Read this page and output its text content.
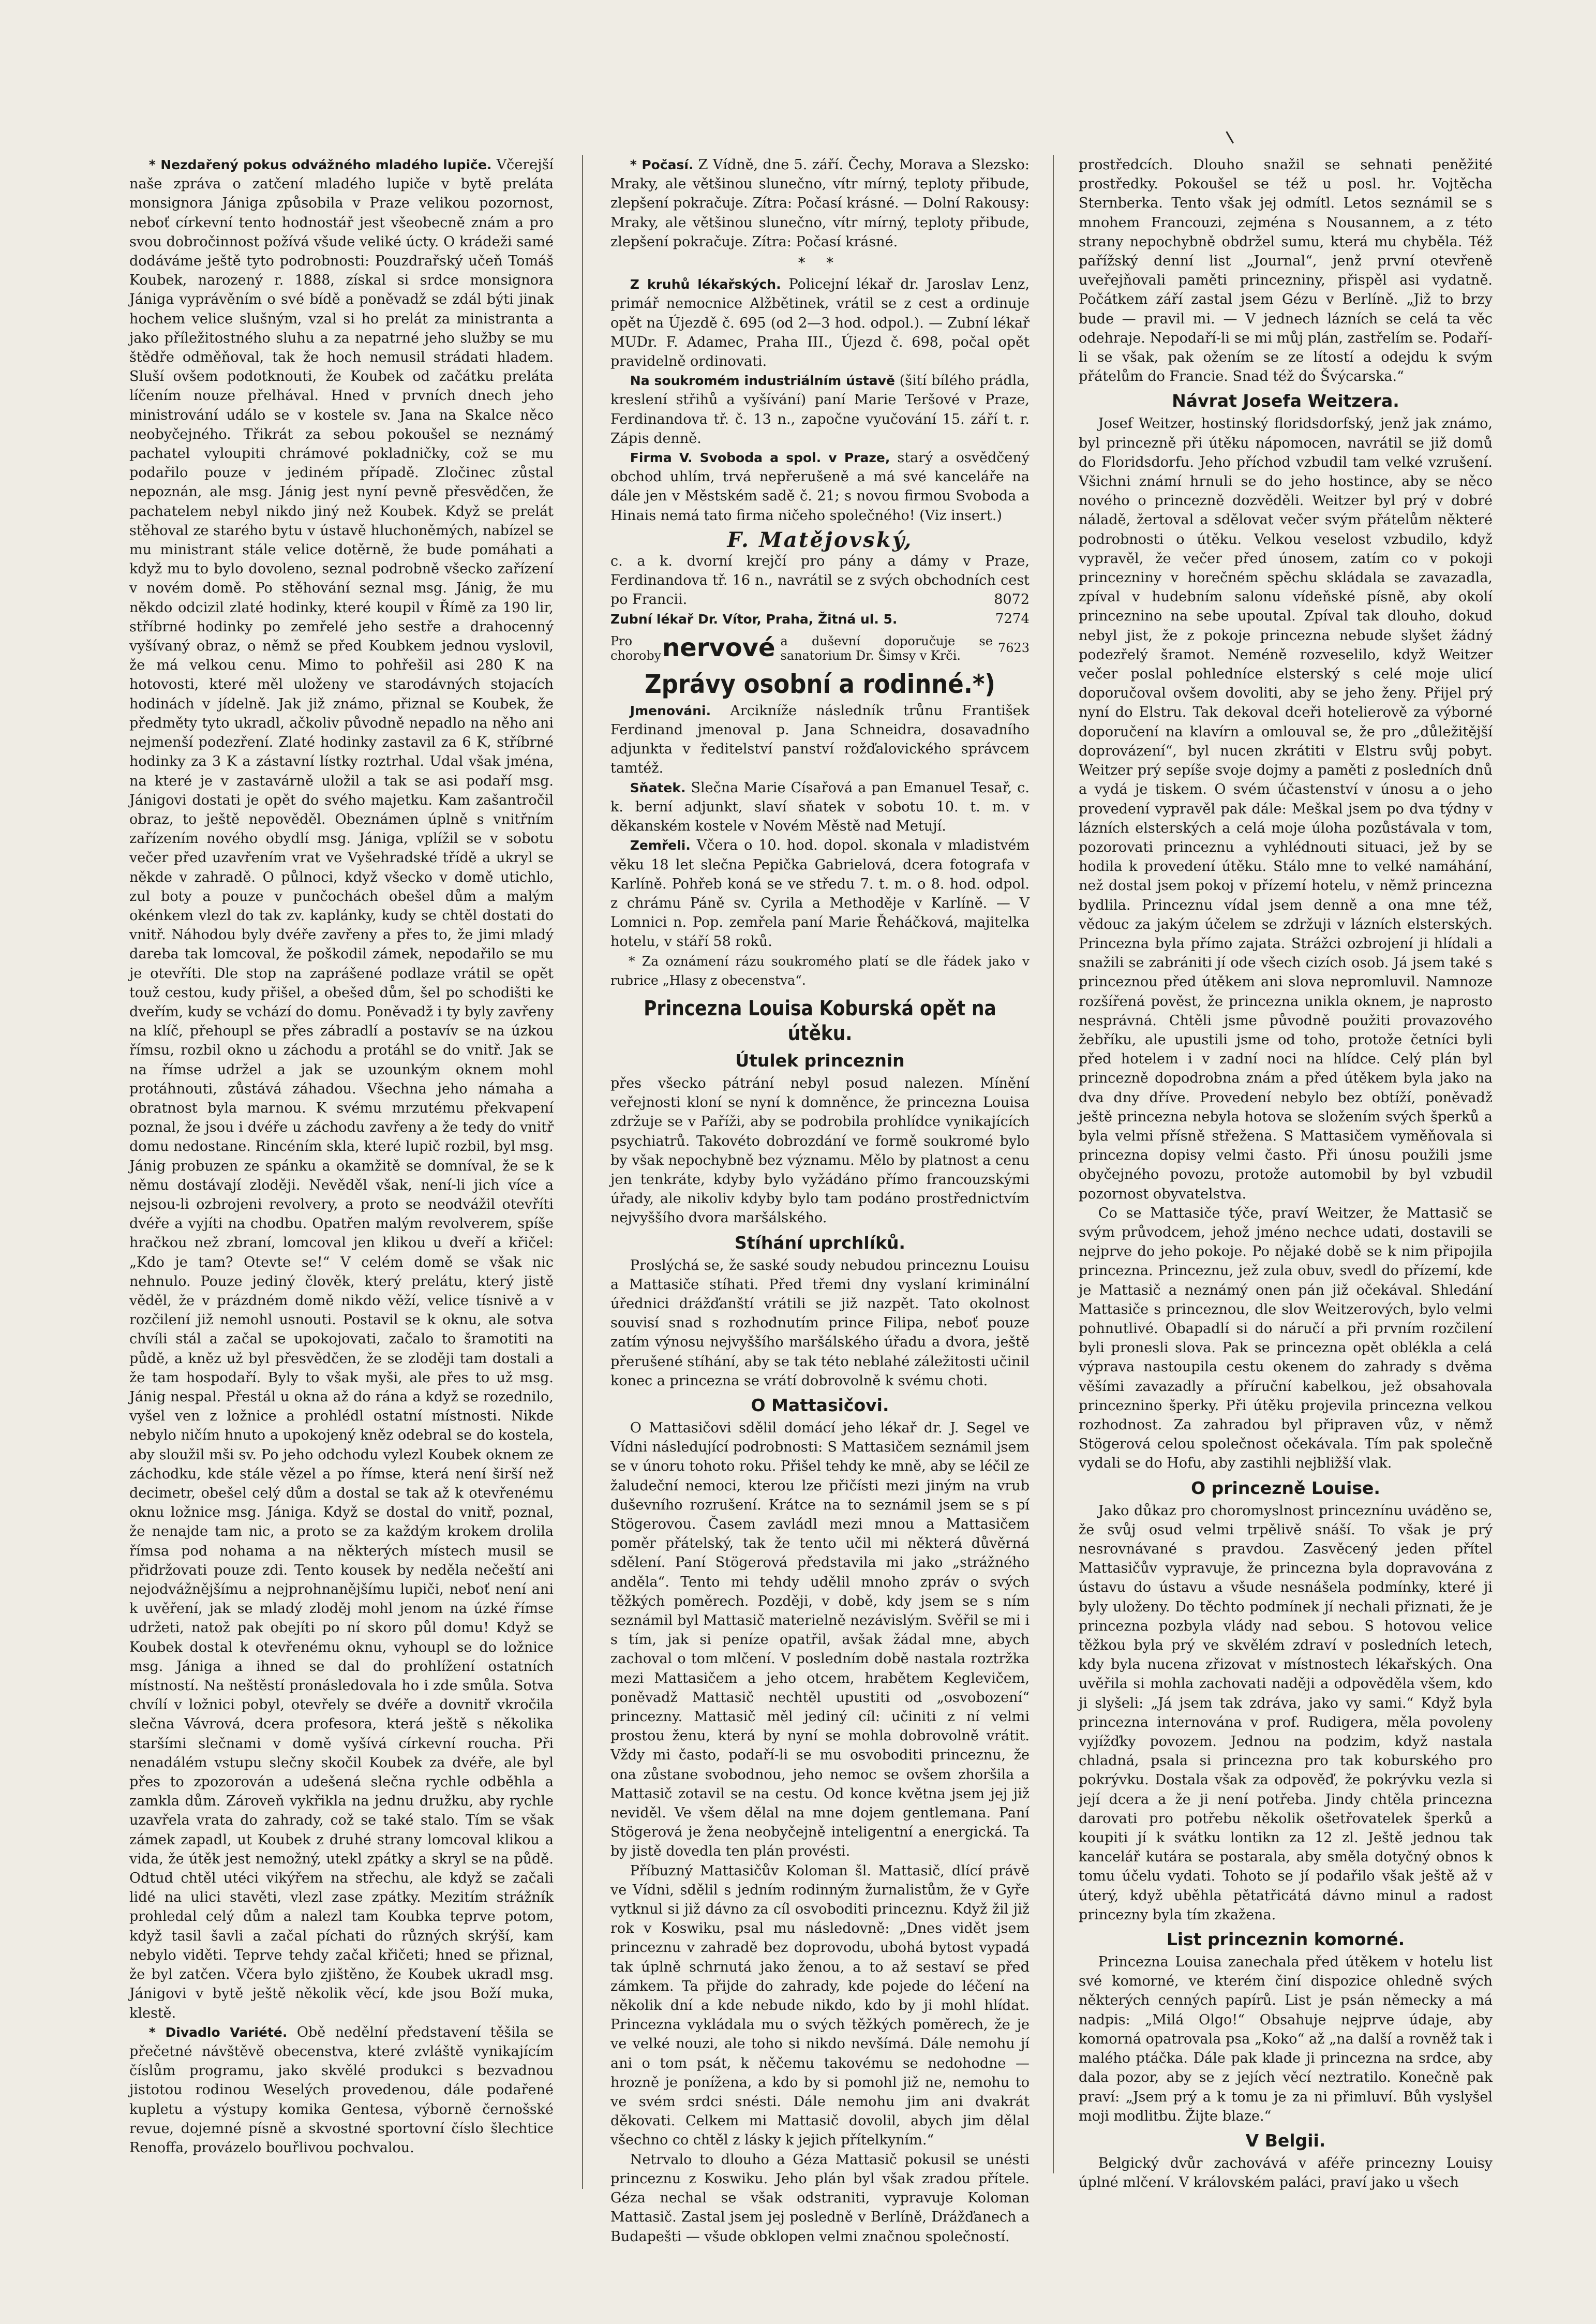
* Nezdařený pokus odvážného mladého lupiče. Včerejší naše zpráva o zatčení mladého lupiče v bytě preláta monsignora Jániga způsobila v Praze velikou pozornost, neboť církevní tento hodnostář jest všeobecně znám a pro svou dobročinnost požívá všude veliké úcty. O krádeži samé dodáváme ještě tyto podrobnosti: Pouzdrařský učeň Tomáš Koubek, narozený r. 1888, získal si srdce monsignora Jániga vyprávěním o své bídě a poněvadž se zdál býti jinak hochem velice slušným, vzal si ho prelát za ministranta a jako příležitostného sluhu a za nepatrné jeho služby se mu štědře odměňoval, tak že hoch nemusil strádati hladem. Sluší ovšem podotknouti, že Koubek od začátku preláta líčením nouze přelhával. Hned v prvních dnech jeho ministrování událo se v kostele sv. Jana na Skalce něco neobyčejného. Třikrát za sebou pokoušel se neznámý pachatel vyloupiti chrámové pokladničky, což se mu podařilo pouze v jediném případě. Zločinec zůstal nepoznán, ale msg. Jánig jest nyní pevně přesvědčen, že pachatelem nebyl nikdo jiný než Koubek. Když se prelát stěhoval ze starého bytu v ústavě hluchoněmých, nabízel se mu ministrant stále velice dotěrně, že bude pomáhati a když mu to bylo dovoleno, seznal podrobně všecko zařízení v novém domě. Po stěhování seznal msg. Jánig, že mu někdo odcizil zlaté hodinky, které koupil v Římě za 190 lir, stříbrné hodinky po zemřelé jeho sestře a drahocenný vyšívaný obraz, o němž se před Koubkem jednou vyslovil, že má velkou cenu. Mimo to pohřešil asi 280 K na hotovosti, které měl uloženy ve starodávných stojacích hodinách v jídelně. Jak již známo, přiznal se Koubek, že předměty tyto ukradl, ačkoliv původně nepadlo na něho ani nejmenší podezření. Zlaté hodinky zastavil za 6 K, stříbrné hodinky za 3 K a zástavní lístky roztrhal. Udal však jména, na které je v zastavárně uložil a tak se asi podaří msg. Jánigovi dostati je opět do svého majetku. Kam zašantročil obraz, to ještě nepověděl. Obeznámen úplně s vnitřním zařízením nového obydlí msg. Jániga, vplížil se v sobotu večer před uzavřením vrat ve Vyšehradské třídě a ukryl se někde v zahradě. O půlnoci, když všecko v domě utichlo, zul boty a pouze v punčochách obešel dům a malým okénkem vlezl do tak zv. kaplánky, kudy se chtěl dostati do vnitř. Náhodou byly dvéře zavřeny a přes to, že jimi mladý dareba tak lomcoval, že poškodil zámek, nepodařilo se mu je otevříti. Dle stop na zaprášené podlaze vrátil se opět touž cestou, kudy přišel, a obešed dům, šel po schodišti ke dveřím, kudy se vchází do domu. Poněvadž i ty byly zavřeny na klíč, přehoupl se přes zábradlí a postavív se na úzkou římsu, rozbil okno u záchodu a protáhl se do vnitř. Jak se na římse udržel a jak se uzounkým oknem mohl protáhnouti, zůstává záhadou. Všechna jeho námaha a obratnost byla marnou. K svému mrzutému překvapení poznal, že jsou i dvéře u záchodu zavřeny a že tedy do vnitř domu nedostane. Rincéním skla, které lupič rozbil, byl msg. Jánig probuzen ze spánku a okamžitě se domníval, že se k němu dostávají zloději. Nevěděl však, není-li jich více a nejsou-li ozbrojeni revolvery, a proto se neodvážil otevříti dvéře a vyjíti na chodbu. Opatřen malým revolverem, spíše hračkou než zbraní, lomcoval jen klikou u dveří a křičel: „Kdo je tam? Otevte se!“ V celém domě se však nic nehnulo. Pouze jediný člověk, který prelátu, který jistě věděl, že v prázdném domě nikdo věží, velice tísnivě a v rozčilení již nemohl usnouti. Postavil se k oknu, ale sotva chvíli stál a začal se upokojovati, začalo to šramotiti na půdě, a kněz už byl přesvědčen, že se zloději tam dostali a že tam hospodaří. Byly to však myši, ale přes to už msg. Jánig nespal. Přestál u okna až do rána a když se rozednilo, vyšel ven z ložnice a prohlédl ostatní místnosti. Nikde nebylo ničím hnuto a upokojený kněz odebral se do kostela, aby sloužil mši sv. Po jeho odchodu vylezl Koubek oknem ze záchodku, kde stále vězel a po římse, která není širší než decimetr, obešel celý dům a dostal se tak až k otevřenému oknu ložnice msg. Jániga. Když se dostal do vnitř, poznal, že nenajde tam nic, a proto se za každým krokem drolila římsa pod nohama a na některých místech musil se přidržovati pouze zdi. Tento kousek by neděla nečeští ani nejodvážnějšímu a nejprohnanějšímu lupiči, neboť není ani k uvěření, jak se mladý zloděj mohl jenom na úzké římse udržeti, natož pak obejíti po ní skoro půl domu! Když se Koubek dostal k otevřenému oknu, vyhoupl se do ložnice msg. Jániga a ihned se dal do prohlížení ostatních místností. Na neštěstí pronásledovala ho i zde smůla. Sotva chvílí v ložnici pobyl, otevřely se dvéře a dovnitř vkročila slečna Vávrová, dcera profesora, která ještě s několika staršími slečnami v domě vyšívá církevní roucha. Při nenadálém vstupu slečny skočil Koubek za dvéře, ale byl přes to zpozorován a udešená slečna rychle odběhla a zamkla dům. Zároveň vykřikla na jednu družku, aby rychle uzavřela vrata do zahrady, což se také stalo. Tím se však zámek zapadl, ut Koubek z druhé strany lomcoval klikou a vida, že útěk jest nemožný, utekl zpátky a skryl se na půdě. Odtud chtěl utéci vikýřem na střechu, ale když se začali lidé na ulici stavěti, vlezl zase zpátky. Mezitím strážník prohledal celý dům a nalezl tam Koubka teprve potom, když tasil šavli a začal píchati do různých skrýší, kam nebylo viděti. Teprve tehdy začal křičeti; hned se přiznal, že byl zatčen. Včera bylo zjištěno, že Koubek ukradl msg. Jánigovi v bytě ještě několik věcí, kde jsou Boží muka, klestě.

* Divadlo Variété. Obě nedělní představení těšila se přečetné návštěvě obecenstva, které zvláště vynikajícím číslům programu, jako skvělé produkci s bezvadnou jistotou rodinou Weselých provedenou, dále podařené kupletu a výstupy komika Gentesa, výborně černošské revue, dojemné písně a skvostné sportovní číslo šlechtice Renoffa, provázelo bouřlivou pochvalou.

* Počasí. Z Vídně, dne 5. září. Čechy, Morava a Slezsko: Mraky, ale většinou slunečno, vítr mírný, teploty přibude, zlepšení pokračuje. Zítra: Počasí krásné. — Dolní Rakousy: Mraky, ale většinou slunečno, vítr mírný, teploty přibude, zlepšení pokračuje. Zítra: Počasí krásné.

* *

Z kruhů lékařských. Policejní lékař dr. Jaroslav Lenz, primář nemocnice Alžbětinek, vrátil se z cest a ordinuje opět na Újezdě č. 695 (od 2—3 hod. odpol.). — Zubní lékař MUDr. F. Adamec, Praha III., Újezd č. 698, počal opět pravidelně ordinovati.

Na soukromém industriálním ústavě (šití bílého prádla, kreslení střihů a vyšívání) paní Marie Teršové v Praze, Ferdinandova tř. č. 13 n., započne vyučování 15. září t. r. Zápis denně.

Firma V. Svoboda a spol. v Praze, starý a osvědčený obchod uhlím, trvá nepřerušeně a má své kanceláře na dále jen v Městském sadě č. 21; s novou firmou Svoboda a Hinais nemá tato firma ničeho společného! (Viz insert.)

F. Matějovský,

c. a k. dvorní krejčí pro pány a dámy v Praze, Ferdinandova tř. 16 n., navrátil se z svých obchodních cest po Francii.	8072

Zubní lékař Dr. Vítor, Praha, Žitná ul. 5.	7274
Pro choroby nervové a duševní doporučuje se sanatorium Dr. Šimsy v Krči.
7623
Zprávy osobní a rodinné.*)

Jmenováni. Arcikníže následník trůnu František Ferdinand jmenoval p. Jana Schneidra, dosavadního adjunkta v ředitelství panství rožďalovického správcem tamtéž.

Sňatek. Slečna Marie Císařová a pan Emanuel Tesař, c. k. berní adjunkt, slaví sňatek v sobotu 10. t. m. v děkanském kostele v Novém Městě nad Metují.

Zemřeli. Včera o 10. hod. dopol. skonala v mladistvém věku 18 let slečna Pepička Gabrielová, dcera fotografa v Karlíně. Pohřeb koná se ve středu 7. t. m. o 8. hod. odpol. z chrámu Páně sv. Cyrila a Methoděje v Karlíně. — V Lomnici n. Pop. zemřela paní Marie Řeháčková, majitelka hotelu, v stáří 58 roků.

* Za oznámení rázu soukromého platí se dle řádek jako v rubrice „Hlasy z obecenstva“.

Princezna Louisa Koburská opět na útěku.
Útulek princeznin

přes všecko pátrání nebyl posud nalezen. Mínění veřejnosti kloní se nyní k domněnce, že princezna Louisa zdržuje se v Paříži, aby se podrobila prohlídce vynikajících psychiatrů. Takovéto dobrozdání ve formě soukromé bylo by však nepochybně bez významu. Mělo by platnost a cenu jen tenkráte, kdyby bylo vyžádáno přímo francouzskými úřady, ale nikoliv kdyby bylo tam podáno prostřednictvím nejvyššího dvora maršálského.

Stíhání uprchlíků.

Proslýchá se, že saské soudy nebudou princeznu Louisu a Mattasiče stíhati. Před třemi dny vyslaní kriminální úřednici drážďanští vrátili se již nazpět. Tato okolnost souvisí snad s rozhodnutím prince Filipa, neboť pouze zatím výnosu nejvyššího maršálského úřadu a dvora, ještě přerušené stíhání, aby se tak této neblahé záležitosti učinil konec a princezna se vrátí dobrovolně k svému choti.

O Mattasičovi.

O Mattasičovi sdělil domácí jeho lékař dr. J. Segel ve Vídni následující podrobnosti: S Mattasičem seznámil jsem se v únoru tohoto roku. Přišel tehdy ke mně, aby se léčil ze žaludeční nemoci, kterou lze přičísti mezi jiným na vrub duševního rozrušení. Krátce na to seznámil jsem se s pí Stögerovou. Časem zavládl mezi mnou a Mattasičem poměr přátelský, tak že tento učil mi některá důvěrná sdělení. Paní Stögerová představila mi jako „strážného anděla“. Tento mi tehdy udělil mnoho zpráv o svých těžkých poměrech. Později, v době, kdy jsem se s ním seznámil byl Mattasič materielně nezávislým. Svěřil se mi i s tím, jak si peníze opatřil, avšak žádal mne, abych zachoval o tom mlčení. V posledním době nastala roztržka mezi Mattasičem a jeho otcem, hrabětem Keglevičem, poněvadž Mattasič nechtěl upustiti od „osvobození“ princezny. Mattasič měl jediný cíl: učiniti z ní velmi prostou ženu, která by nyní se mohla dobrovolně vrátit. Vždy mi často, podaří-li se mu osvoboditi princeznu, že ona zůstane svobodnou, jeho nemoc se ovšem zhoršila a Mattasič zotavil se na cestu. Od konce května jsem jej již neviděl. Ve všem dělal na mne dojem gentlemana. Paní Stögerová je žena neobyčejně inteligentní a energická. Ta by jistě dovedla ten plán provésti.

Příbuzný Mattasičův Koloman šl. Mattasič, dlící právě ve Vídni, sdělil s jedním rodinným žurnalistům, že v Gyře vytknul si již dávno za cíl osvoboditi princeznu. Když žil již rok v Koswiku, psal mu následovně: „Dnes vidět jsem princeznu v zahradě bez doprovodu, ubohá bytost vypadá tak úplně schrnutá jako ženou, a to až sestaví se před zámkem. Ta přijde do zahrady, kde pojede do léčení na několik dní a kde nebude nikdo, kdo by ji mohl hlídat. Princezna vykládala mu o svých těžkých poměrech, že je ve velké nouzi, ale toho si nikdo nevšímá. Dále nemohu jí ani o tom psát, k něčemu takovému se nedohodne — hrozně je ponížena, a kdo by si pomohl již ne, nemohu to ve svém srdci snésti. Dále nemohu jim ani dvakrát děkovati. Celkem mi Mattasič dovolil, abych jim dělal všechno co chtěl z lásky k jejich přítelkyním.“

Netrvalo to dlouho a Géza Mattasič pokusil se unésti princeznu z Koswiku. Jeho plán byl však zradou přítele. Géza nechal se však odstraniti, vypravuje Koloman Mattasič. Zastal jsem jej posledně v Berlíně, Drážďanech a Budapešti — všude obklopen velmi značnou společností.

prostředcích. Dlouho snažil se sehnati peněžité prostředky. Pokoušel se též u posl. hr. Vojtěcha Sternberka. Tento však jej odmítl. Letos seznámil se s mnohem Francouzi, zejména s Nousannem, a z této strany nepochybně obdržel sumu, která mu chyběla. Též pařížský denní list „Journal“, jenž první otevřeně uveřejňovali paměti princezniny, přispěl asi vydatně. Počátkem září zastal jsem Gézu v Berlíně. „Již to brzy bude — pravil mi. — V jednech lázních se celá ta věc odehraje. Nepodaří-li se mi můj plán, zastřelím se. Podaří-li se však, pak ožením se ze lítostí a odejdu k svým přátelům do Francie. Snad též do Švýcarska.“

Návrat Josefa Weitzera.

Josef Weitzer, hostinský floridsdorfský, jenž jak známo, byl princezně při útěku nápomocen, navrátil se již domů do Floridsdorfu. Jeho příchod vzbudil tam velké vzrušení. Všichni známí hrnuli se do jeho hostince, aby se něco nového o princezně dozvěděli. Weitzer byl prý v dobré náladě, žertoval a sdělovat večer svým přátelům některé podrobnosti o útěku. Velkou veselost vzbudilo, když vypravěl, že večer před únosem, zatím co v pokoji princezniny v horečném spěchu skládala se zavazadla, zpíval v hudebním salonu vídeňské písně, aby okolí princeznino na sebe upoutal. Zpíval tak dlouho, dokud nebyl jist, že z pokoje princezna nebude slyšet žádný podezřelý šramot. Neméně rozveselilo, když Weitzer večer poslal pohledníce elsterský s celé moje ulicí doporučoval ovšem dovoliti, aby se jeho ženy. Přijel prý nyní do Elstru. Tak dekoval dceři hotelierově za výborné doporučení na klavírn a omlouval se, že pro „důležitější doprovázení“, byl nucen zkrátiti v Elstru svůj pobyt. Weitzer prý sepíše svoje dojmy a paměti z posledních dnů a vydá je tiskem. O svém účastenství v únosu a o jeho provedení vypravěl pak dále: Meškal jsem po dva týdny v lázních elsterských a celá moje úloha pozůstávala v tom, pozorovati princeznu a vyhlédnouti situaci, jež by se hodila k provedení útěku. Stálo mne to velké namáhání, než dostal jsem pokoj v přízemí hotelu, v němž princezna bydlila. Princeznu vídal jsem denně a ona mne též, vědouc za jakým účelem se zdržuji v lázních elsterských. Princezna byla přímo zajata. Strážci ozbrojení ji hlídali a snažili se zabrániti jí ode všech cizích osob. Já jsem také s princeznou před útěkem ani slova nepromluvil. Namnoze rozšířená pověst, že princezna unikla oknem, je naprosto nesprávná. Chtěli jsme původně použiti provazového žebříku, ale upustili jsme od toho, protože četníci byli před hotelem i v zadní noci na hlídce. Celý plán byl princezně dopodrobna znám a před útěkem byla jako na dva dny dříve. Provedení nebylo bez obtíží, poněvadž ještě princezna nebyla hotova se složením svých šperků a byla velmi přísně střežena. S Mattasičem vyměňovala si princezna dopisy velmi často. Při únosu použili jsme obyčejného povozu, protože automobil by byl vzbudil pozornost obyvatelstva.

Co se Mattasiče týče, praví Weitzer, že Mattasič se svým průvodcem, jehož jméno nechce udati, dostavili se nejprve do jeho pokoje. Po nějaké době se k nim připojila princezna. Princeznu, jež zula obuv, svedl do přízemí, kde je Mattasič a neznámý onen pán již očekával. Shledání Mattasiče s princeznou, dle slov Weitzerových, bylo velmi pohnutlivé. Obapadlí si do náručí a při prvním rozčilení byli pronesli slova. Pak se princezna opět oblékla a celá výprava nastoupila cestu okenem do zahrady s dvěma věšími zavazadly a příruční kabelkou, jež obsahovala princeznino šperky. Při útěku projevila princezna velkou rozhodnost. Za zahradou byl připraven vůz, v němž Stögerová celou společnost očekávala. Tím pak společně vydali se do Hofu, aby zastihli nejbližší vlak.

O princezně Louise.

Jako důkaz pro choromyslnost princeznínu uváděno se, že svůj osud velmi trpělivě snáší. To však je prý nesrovnávané s pravdou. Zasvěcený jeden přítel Mattasičův vypravuje, že princezna byla dopravována z ústavu do ústavu a všude nesnášela podmínky, které ji byly uloženy. Do těchto podmínek jí nechali přiznati, že je princezna pozbyla vlády nad sebou. S hotovou velice těžkou byla prý ve skvělém zdraví v posledních letech, kdy byla nucena zřizovat v místnostech lékařských. Ona uvěřila si mohla zachovati naději a odpověděla všem, kdo ji slyšeli: „Já jsem tak zdráva, jako vy sami.“ Když byla princezna internována v prof. Rudigera, měla povoleny vyjížďky povozem. Jednou na podzim, když nastala chladná, psala si princezna pro tak koburského pro pokrývku. Dostala však za odpověď, že pokrývku vezla si její dcera a že ji není potřeba. Jindy chtěla princezna darovati pro potřebu několik ošetřovatelek šperků a koupiti jí k svátku lontikn za 12 zl. Ještě jednou tak kancelář kutára se postarala, aby směla dotyčný obnos k tomu účelu vydati. Tohoto se jí podařilo však ještě až v úterý, když uběhla pětatřicátá dávno minul a radost princezny byla tím zkažena.

List princeznin komorné.

Princezna Louisa zanechala před útěkem v hotelu list své komorné, ve kterém činí dispozice ohledně svých některých cenných papírů. List je psán německy a má nadpis: „Milá Olgo!“ Obsahuje nejprve údaje, aby komorná opatrovala psa „Koko“ až „na další a rovněž tak i malého ptáčka. Dále pak klade ji princezna na srdce, aby dala pozor, aby se z jejích věcí neztratilo. Konečně pak praví: „Jsem prý a k tomu je za ni přimluví. Bůh vyslyšel moji modlitbu. Žijte blaze.“

V Belgii.

Belgický dvůr zachovává v aféře princezny Louisy úplné mlčení. V královském paláci, praví jako u všech
